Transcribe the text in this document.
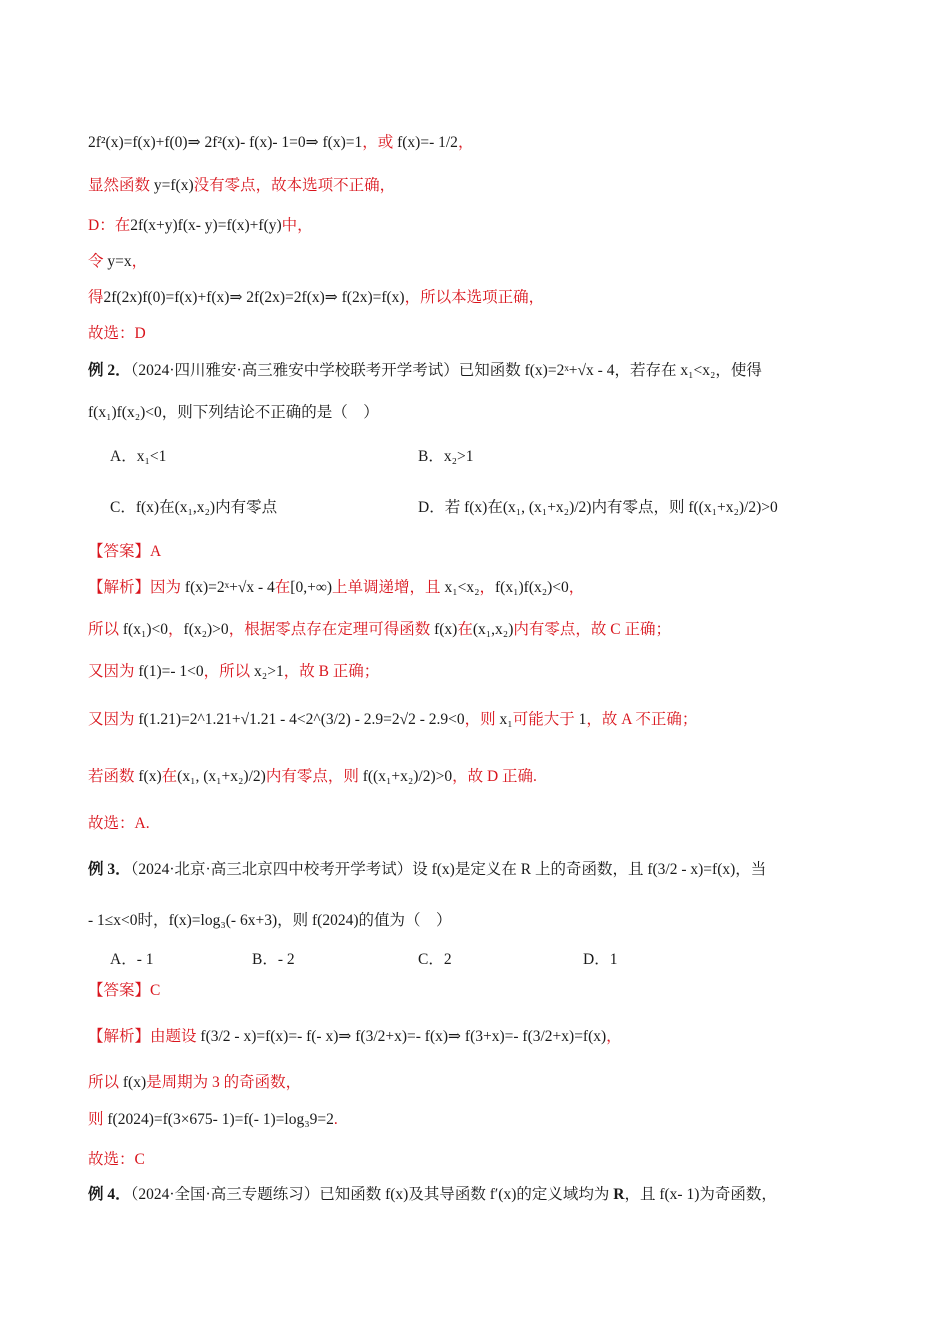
2f²(x)=f(x)+f(0)⇒ 2f²(x)- f(x)- 1=0⇒ f(x)=1，或 f(x)=- 1/2，
显然函数 y=f(x)没有零点，故本选项不正确，
D：在2f(x+y)f(x- y)=f(x)+f(y)中，
令 y=x，
得2f(2x)f(0)=f(x)+f(x)⇒ 2f(2x)=2f(x)⇒ f(2x)=f(x)，所以本选项正确，
故选：D
例 2．（2024·四川雅安·高三雅安中学校联考开学考试）已知函数 f(x)=2ˣ+√x - 4，若存在 x₁<x₂，使得
f(x₁)f(x₂)<0，则下列结论不正确的是（　）
【答案】A
【解析】因为 f(x)=2ˣ+√x - 4在[0,+∞)上单调递增，且 x₁<x₂，f(x₁)f(x₂)<0，
所以 f(x₁)<0，f(x₂)>0，根据零点存在定理可得函数 f(x)在(x₁,x₂)内有零点，故 C 正确；
又因为 f(1)=- 1<0，所以 x₂>1，故 B 正确；
又因为 f(1.21)=2^1.21+√1.21 - 4<2^(3/2) - 2.9=2√2 - 2.9<0，则 x₁可能大于 1，故 A 不正确；
若函数 f(x)在(x₁, (x₁+x₂)/2)内有零点，则 f((x₁+x₂)/2)>0，故 D 正确.
故选：A.
例 3．（2024·北京·高三北京四中校考开学考试）设 f(x)是定义在 R 上的奇函数，且 f(3/2 - x)=f(x)，当
- 1≤x<0时，f(x)=log₃(- 6x+3)，则 f(2024)的值为（　）
【答案】C
【解析】由题设 f(3/2 - x)=f(x)=- f(- x)⇒ f(3/2+x)=- f(x)⇒ f(3+x)=- f(3/2+x)=f(x)，
所以 f(x)是周期为 3 的奇函数，
则 f(2024)=f(3×675- 1)=f(- 1)=log₃9=2.
故选：C
例 4．（2024·全国·高三专题练习）已知函数 f(x)及其导函数 f′(x)的定义域均为 R，且 f(x- 1)为奇函数，
A．x₁<1	B．x₂>1
C．f(x)在(x₁,x₂)内有零点	D．若 f(x)在(x₁, (x₁+x₂)/2)内有零点，则 f((x₁+x₂)/2)>0
A．- 1	B．- 2	C．2	D．1
